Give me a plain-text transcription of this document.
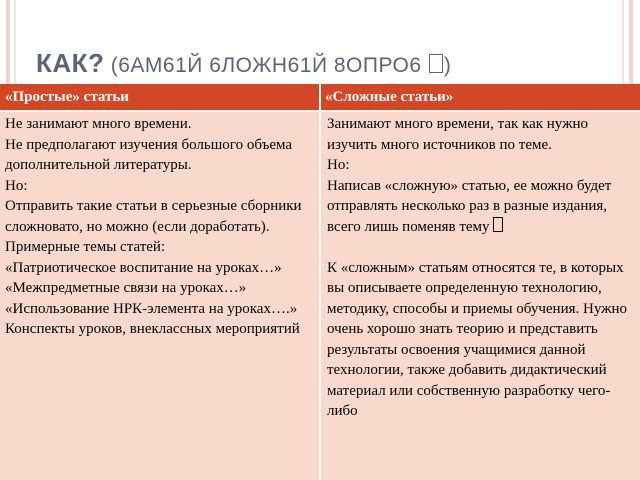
КАК? (6АМ61Й 6ЛОЖН61Й 8ОПРО6 )
«Простые» статьи	«Сложные статьи»
Не занимают много времени.
Не предполагают изучения большого объема дополнительной литературы.
Но:
Отправить такие статьи в серьезные сборники сложновато, но можно (если доработать).
Примерные темы статей:
«Патриотическое воспитание на уроках…»
«Межпредметные связи на уроках…»
«Использование НРК-элемента на уроках….»
Конспекты уроков, внеклассных мероприятий
Занимают много времени, так как нужно изучить много источников по теме.
Но:
Написав «сложную» статью, ее можно будет отправлять несколько раз в разные издания, всего лишь поменяв тему
К «сложным» статьям относятся те, в которых вы описываете определенную технологию, методику, способы и приемы обучения. Нужно очень хорошо знать теорию и представить результаты освоения учащимися данной технологии, также добавить дидактический материал или собственную разработку чего-либо
